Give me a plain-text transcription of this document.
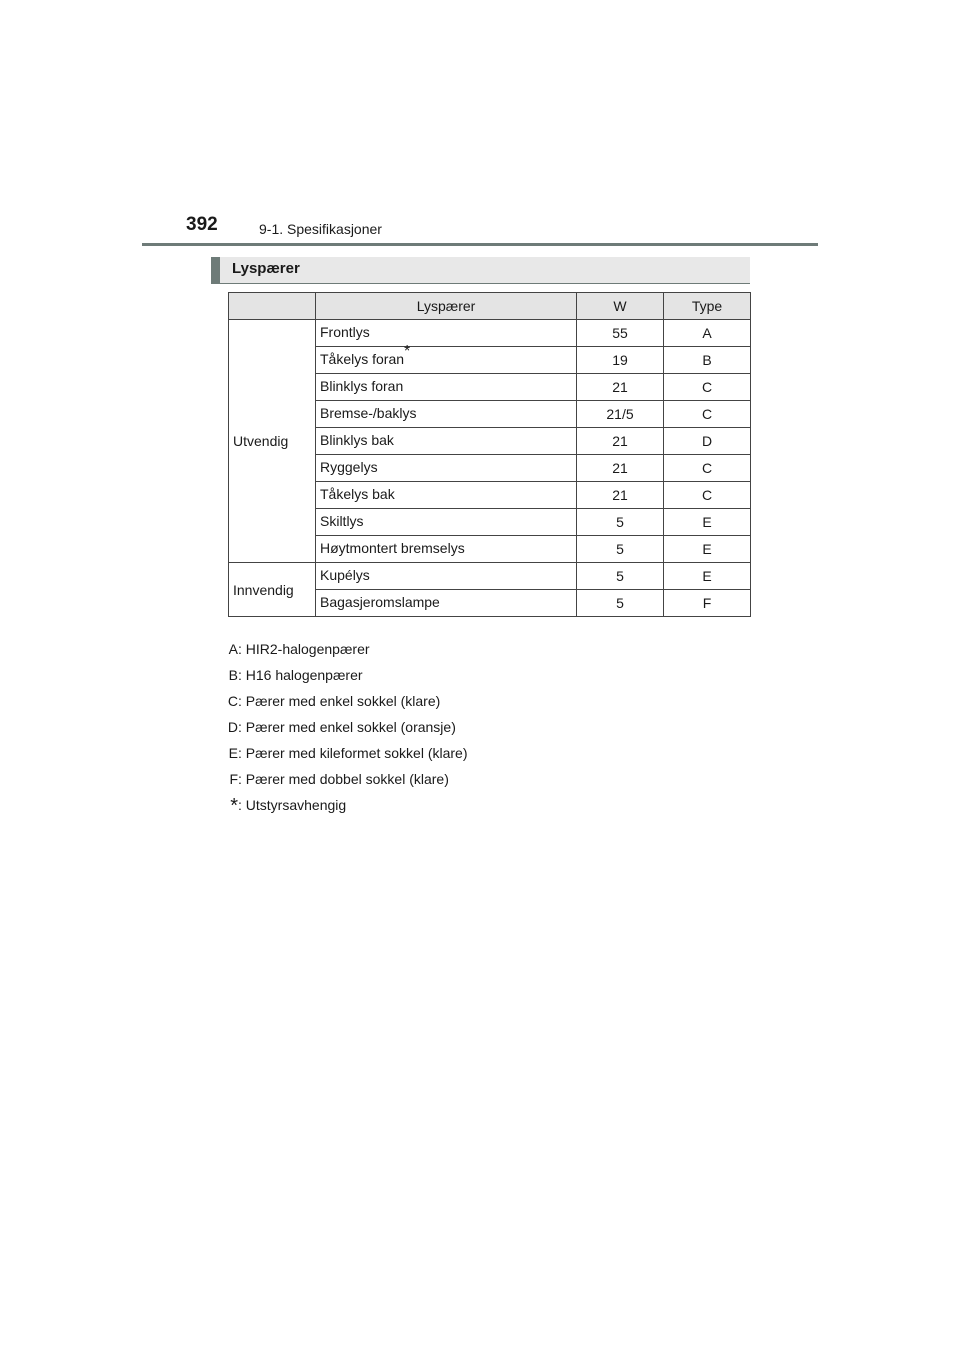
392	9-1. Spesifikasjoner
Lyspærer
	Lyspærer	W	Type
Utvendig	Frontlys	55	A
	Tåkelys foran*	19	B
	Blinklys foran	21	C
	Bremse-/baklys	21/5	C
	Blinklys bak	21	D
	Ryggelys	21	C
	Tåkelys bak	21	C
	Skiltlys	5	E
	Høytmontert bremselys	5	E
Innvendig	Kupélys	5	E
	Bagasjeromslampe	5	F
A: HIR2-halogenpærer
B: H16 halogenpærer
C: Pærer med enkel sokkel (klare)
D: Pærer med enkel sokkel (oransje)
E: Pærer med kileformet sokkel (klare)
F: Pærer med dobbel sokkel (klare)
*: Utstyrsavhengig
